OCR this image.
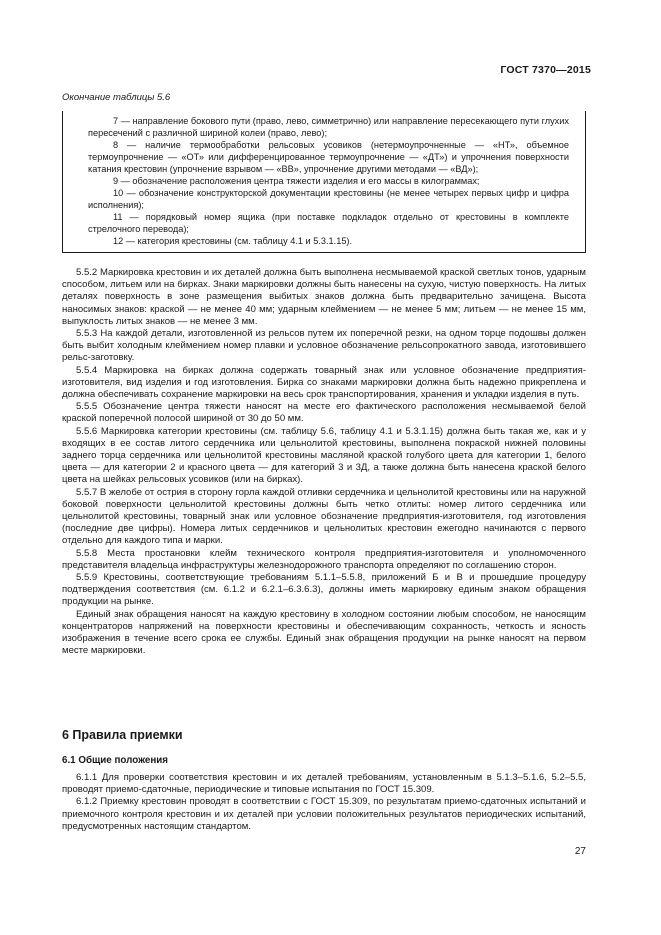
ГОСТ 7370—2015
Окончание таблицы 5.6

7 — направление бокового пути (право, лево, симметрично) или направление пересекающего пути глухих пересечений с различной шириной колеи (право, лево);

8 — наличие термообработки рельсовых усовиков (нетермоупрочненные — «НТ», объемное термоупрочнение — «ОТ» или дифференцированное термоупрочнение — «ДТ») и упрочнения поверхности катания крестовин (упрочнение взрывом — «ВВ», упрочнение другими методами — «ВД»);

9 — обозначение расположения центра тяжести изделия и его массы в килограммах;

10 — обозначение конструкторской документации крестовины (не менее четырех первых цифр и цифра исполнения);

11 — порядковый номер ящика (при поставке подкладок отдельно от крестовины в комплекте стрелочного перевода);

12 — категория крестовины (см. таблицу 4.1 и 5.3.1.15).

5.5.2 Маркировка крестовин и их деталей должна быть выполнена несмываемой краской светлых тонов, ударным способом, литьем или на бирках. Знаки маркировки должны быть нанесены на сухую, чистую поверхность. На литых деталях поверхность в зоне размещения выбитых знаков должна быть предварительно зачищена. Высота наносимых знаков: краской — не менее 40 мм; ударным клеймением — не менее 5 мм; литьем — не менее 15 мм, выпуклость литых знаков — не менее 3 мм.

5.5.3 На каждой детали, изготовленной из рельсов путем их поперечной резки, на одном торце подошвы должен быть выбит холодным клеймением номер плавки и условное обозначение рельсопрокатного завода, изготовившего рельс-заготовку.

5.5.4 Маркировка на бирках должна содержать товарный знак или условное обозначение предприятия-изготовителя, вид изделия и год изготовления. Бирка со знаками маркировки должна быть надежно прикреплена и должна обеспечивать сохранение маркировки на весь срок транспортирования, хранения и укладки изделия в путь.

5.5.5 Обозначение центра тяжести наносят на месте его фактического расположения несмываемой белой краской поперечной полосой шириной от 30 до 50 мм.

5.5.6 Маркировка категории крестовины (см. таблицу 5.6, таблицу 4.1 и 5.3.1.15) должна быть такая же, как и у входящих в ее состав литого сердечника или цельнолитой крестовины, выполнена покраской нижней половины заднего торца сердечника или цельнолитой крестовины масляной краской голубого цвета для категории 1, белого цвета — для категории 2 и красного цвета — для категорий 3 и 3Д, а также должна быть нанесена краской белого цвета на шейках рельсовых усовиков (или на бирках).

5.5.7 В желобе от острия в сторону горла каждой отливки сердечника и цельнолитой крестовины или на наружной боковой поверхности цельнолитой крестовины должны быть четко отлиты: номер литого сердечника или цельнолитой крестовины, товарный знак или условное обозначение предприятия-изготовителя, год изготовления (последние две цифры). Номера литых сердечников и цельнолитых крестовин ежегодно начинаются с первого отдельно для каждого типа и марки.

5.5.8 Места простановки клейм технического контроля предприятия-изготовителя и уполномоченного представителя владельца инфраструктуры железнодорожного транспорта определяют по соглашению сторон.

5.5.9 Крестовины, соответствующие требованиям 5.1.1–5.5.8, приложений Б и В и прошедшие процедуру подтверждения соответствия (см. 6.1.2 и 6.2.1–6.3.6.3), должны иметь маркировку единым знаком обращения продукции на рынке.

Единый знак обращения наносят на каждую крестовину в холодном состоянии любым способом, не наносящим концентраторов напряжений на поверхности крестовины и обеспечивающим сохранность, четкость и ясность изображения в течение всего срока ее службы. Единый знак обращения продукции на рынке наносят на первом месте маркировки.

6 Правила приемки
6.1 Общие положения

6.1.1 Для проверки соответствия крестовин и их деталей требованиям, установленным в 5.1.3–5.1.6, 5.2–5.5, проводят приемо-сдаточные, периодические и типовые испытания по ГОСТ 15.309.

6.1.2 Приемку крестовин проводят в соответствии с ГОСТ 15.309, по результатам приемо-сдаточных испытаний и приемочного контроля крестовин и их деталей при условии положительных результатов периодических испытаний, предусмотренных настоящим стандартом.

27
